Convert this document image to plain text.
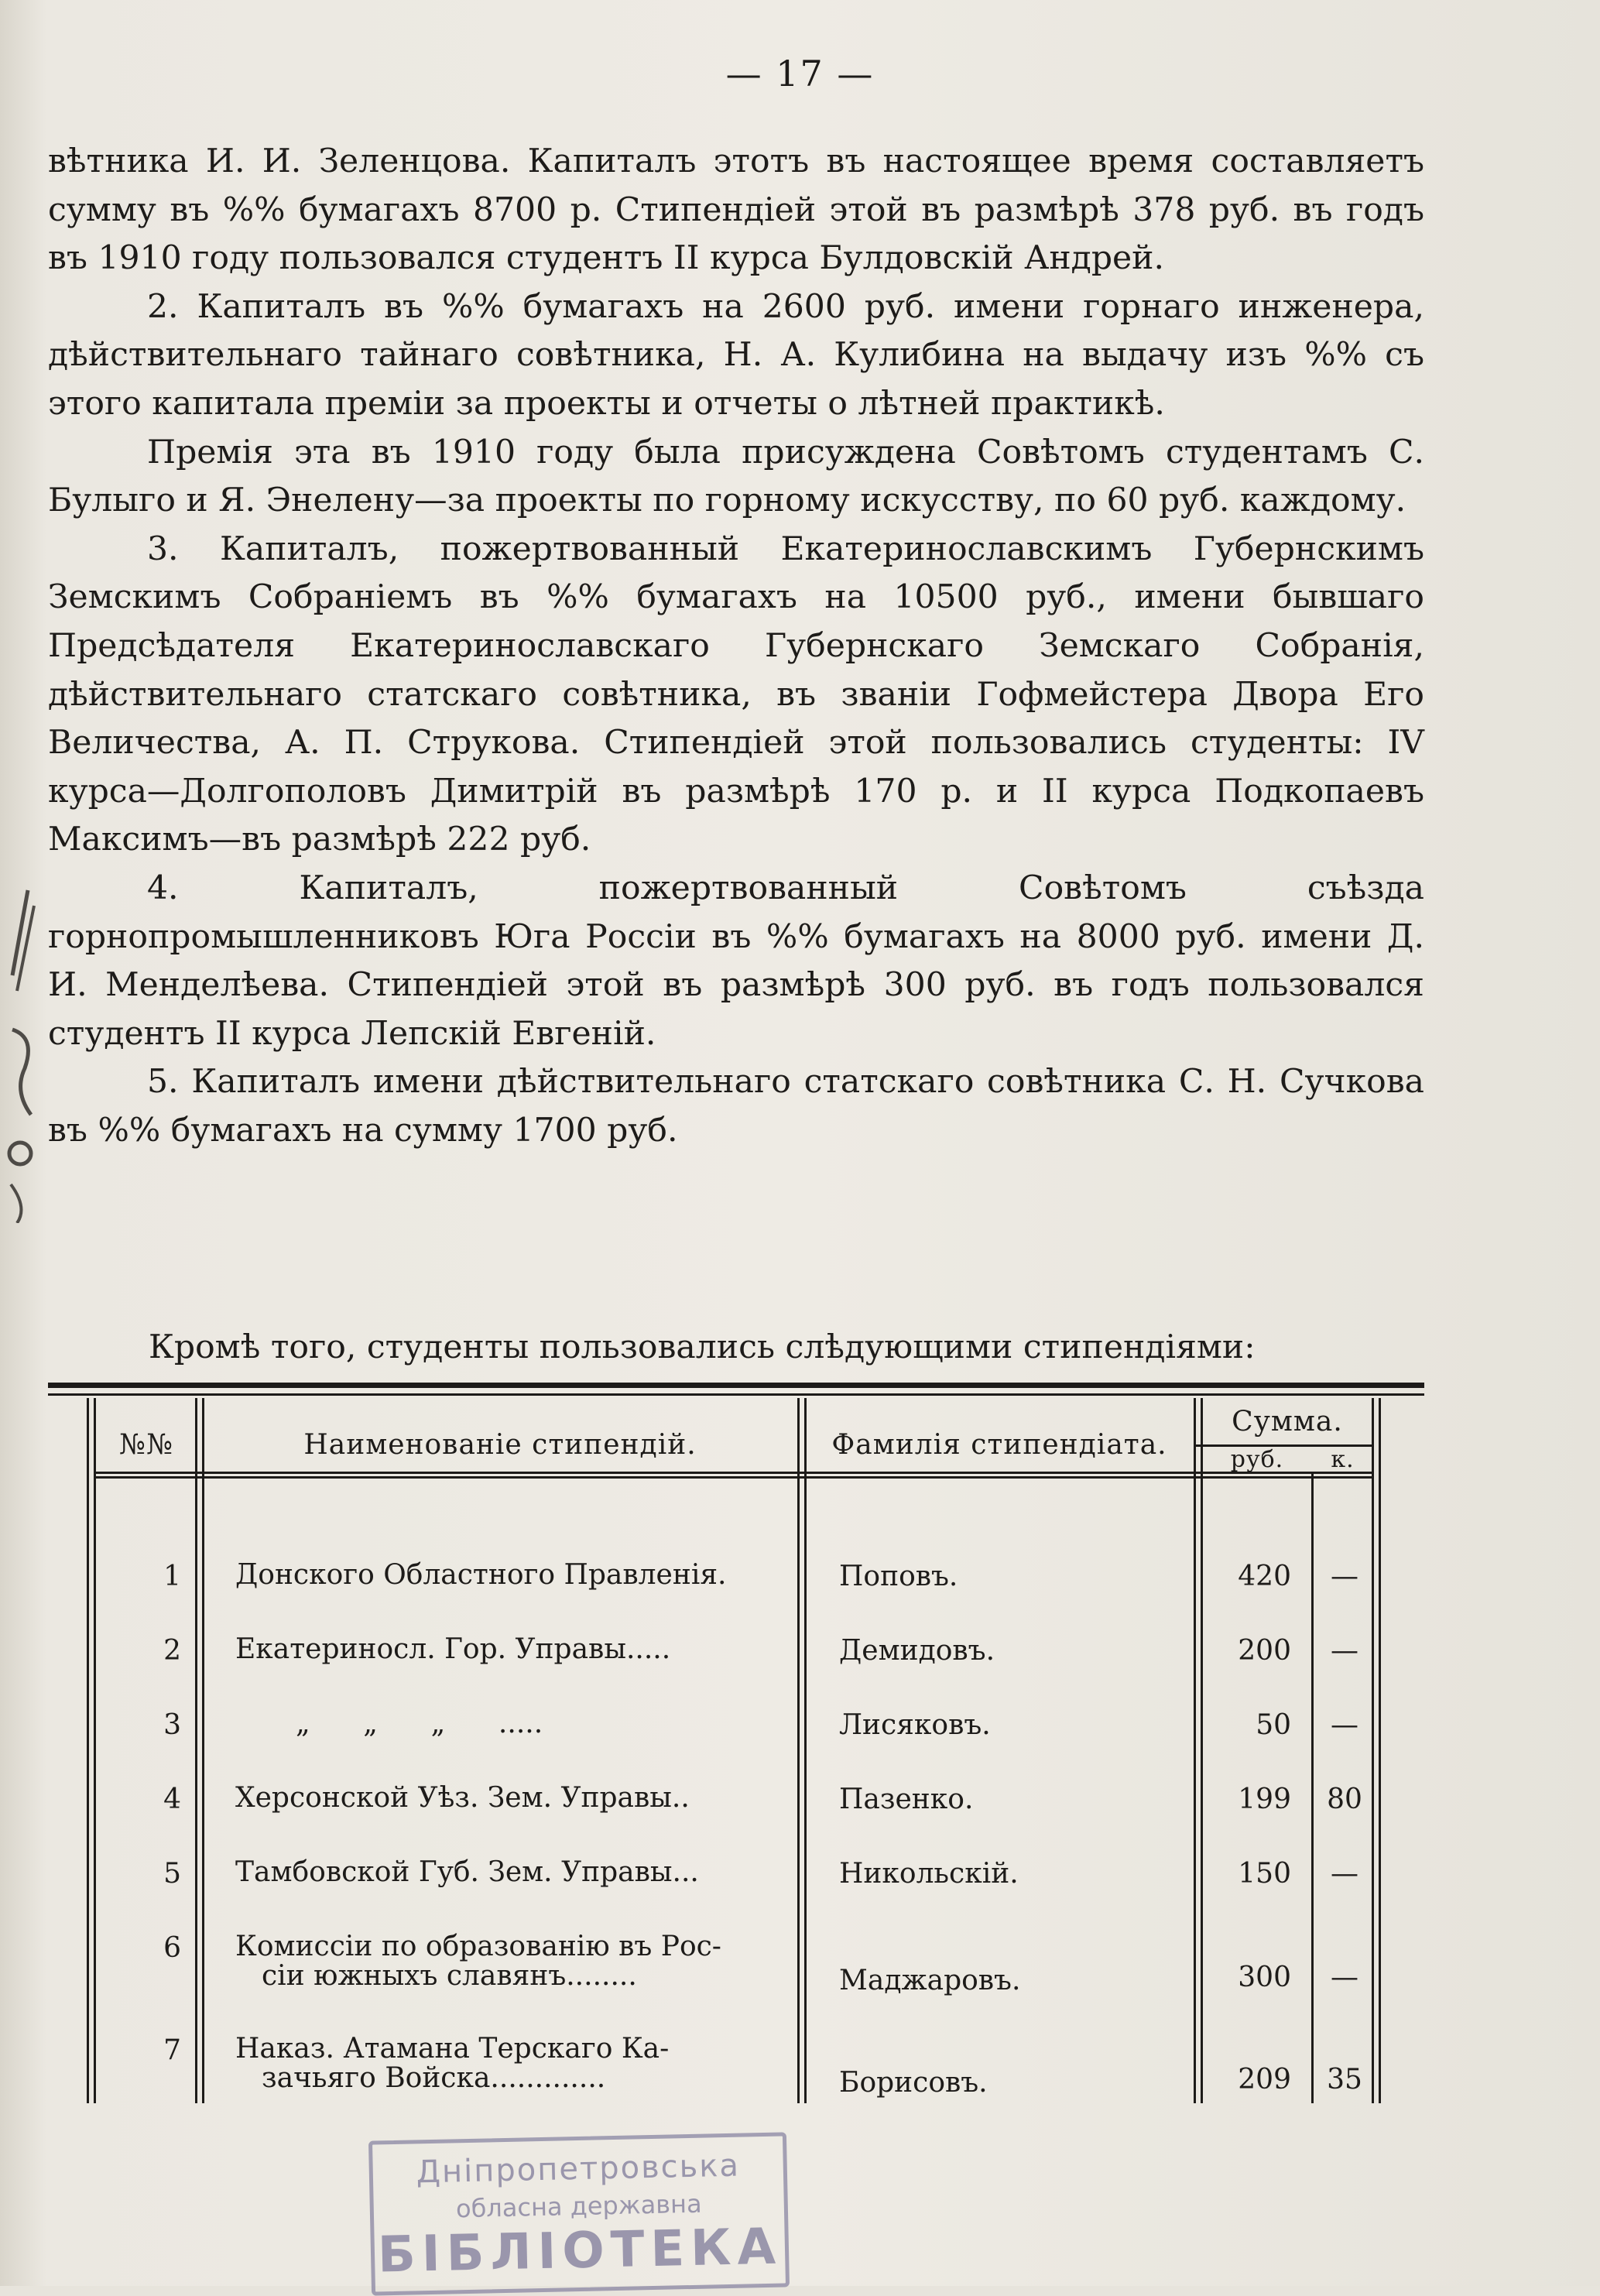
— 17 —

вѣтника И. И. Зеленцова. Капиталъ этотъ въ настоящее время составляетъ сумму въ %% бумагахъ 8700 р. Стипендіей этой въ размѣрѣ 378 руб. въ годъ въ 1910 году пользовался студентъ II курса Булдовскій Андрей.

2. Капиталъ въ %% бумагахъ на 2600 руб. имени горнаго инженера, дѣйствительнаго тайнаго совѣтника, Н. А. Кулибина на выдачу изъ %% съ этого капитала преміи за проекты и отчеты о лѣтней практикѣ.

Премія эта въ 1910 году была присуждена Совѣтомъ студентамъ С. Булыго и Я. Энелену—за проекты по горному искусству, по 60 руб. каждому.

3. Капиталъ, пожертвованный Екатеринославскимъ Губернскимъ Земскимъ Собраніемъ въ %% бумагахъ на 10500 руб., имени бывшаго Предсѣдателя Екатеринославскаго Губернскаго Земскаго Собранія, дѣйствительнаго статскаго совѣтника, въ званіи Гофмейстера Двора Его Величества, А. П. Струкова. Стипендіей этой пользовались студенты: IV курса—Долгополовъ Димитрій въ размѣрѣ 170 р. и II курса Подкопаевъ Максимъ—въ размѣрѣ 222 руб.

4. Капиталъ, пожертвованный Совѣтомъ съѣзда горнопромышленниковъ Юга Россіи въ %% бумагахъ на 8000 руб. имени Д. И. Менделѣева. Стипендіей этой въ размѣрѣ 300 руб. въ годъ пользовался студентъ II курса Лепскій Евгеній.

5. Капиталъ имени дѣйствительнаго статскаго совѣтника С. Н. Сучкова въ %% бумагахъ на сумму 1700 руб.

Кромѣ того, студенты пользовались слѣдующими стипендіями:
№№	Наименованіе стипендій.	Фамилія стипендіата.
Сумма.
руб.	к.
1 Донского Областного Правленія.	Поповъ.	420	—
2 Екатериносл. Гор. Управы.....	Демидовъ.	200	—
3	„      „      „      .....	Лисяковъ.	50	—
4 Херсонской Уѣз. Зем. Управы..	Пазенко.	199	80
5 Тамбовской Губ. Зем. Управы...	Никольскій.	150	—
6 Комиссіи по образованію въ Рос-
сіи южныхъ славянъ........	Маджаровъ.	300	—
7 Наказ. Атамана Терскаго Ка-
зачьяго Войска.............	Борисовъ.	209	35
Дніпропетровська
обласна державна
БІБЛІОТЕКА
